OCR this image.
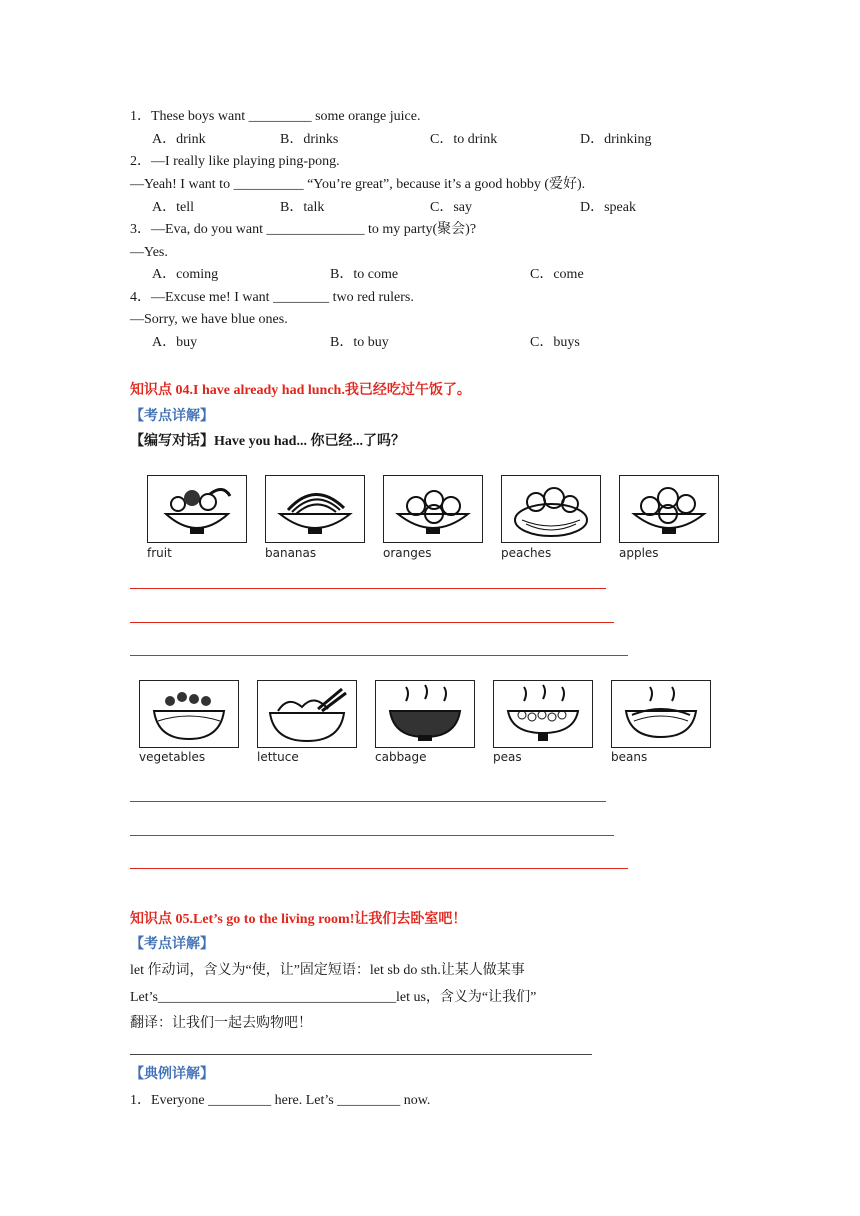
1．These boys want _________ some orange juice.
A．drink	B．drinks	C．to drink	D．drinking
2．—I really like playing ping-pong.
—Yeah! I want to __________ “You’re great”, because it’s a good hobby (爱好).
A．tell	B．talk	C．say	D．speak
3．—Eva, do you want ______________ to my party(聚会)?
—Yes.
A．coming	B．to come	C．come
4．—Excuse me! I want ________ two red rulers.
—Sorry, we have blue ones.
A．buy	B．to buy	C．buys
知识点 04.I have already had lunch.我已经吃过午饭了。
【考点详解】
【编写对话】Have you had... 你已经...了吗？
fruit	bananas	oranges	peaches	apples
vegetables	lettuce	cabbage	peas	beans
知识点 05.Let’s go to the living room!让我们去卧室吧！
【考点详解】
let 作动词，含义为“使，让”固定短语：let sb do sth.让某人做某事
Let’s__________________________________let us，含义为“让我们”
翻译：让我们一起去购物吧！
【典例详解】
1．Everyone _________ here. Let’s _________ now.
